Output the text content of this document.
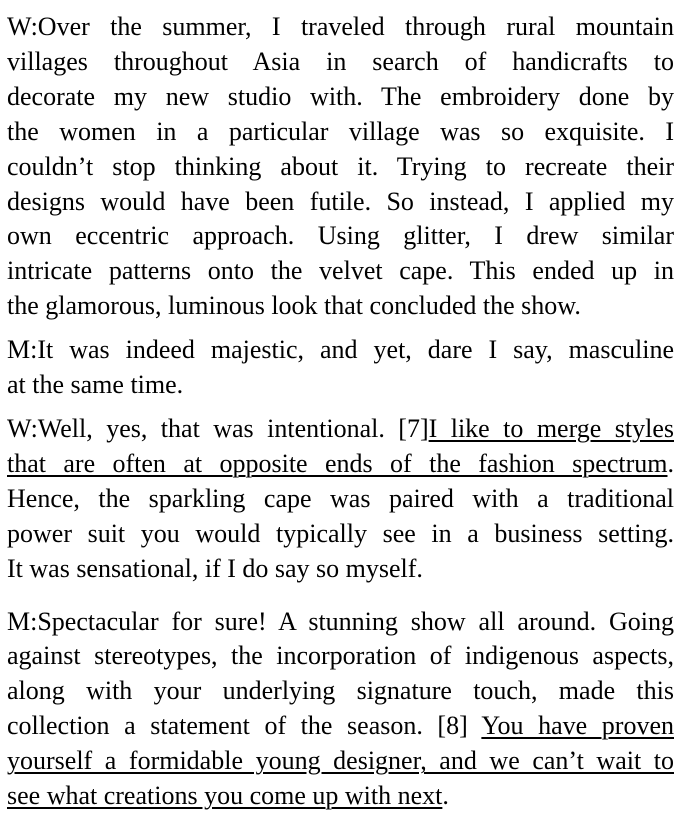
W:Over the summer, I traveled through rural mountain
villages throughout Asia in search of handicrafts to
decorate my new studio with. The embroidery done by
the women in a particular village was so exquisite. I
couldn’t stop thinking about it. Trying to recreate their
designs would have been futile. So instead, I applied my
own eccentric approach. Using glitter, I drew similar
intricate patterns onto the velvet cape. This ended up in
the glamorous, luminous look that concluded the show.

M:It was indeed majestic, and yet, dare I say, masculine
at the same time.

W:Well, yes, that was intentional. [7]I like to merge styles
that are often at opposite ends of the fashion spectrum.
Hence, the sparkling cape was paired with a traditional
power suit you would typically see in a business setting.
It was sensational, if I do say so myself.

M:Spectacular for sure! A stunning show all around. Going
against stereotypes, the incorporation of indigenous aspects,
along with your underlying signature touch, made this
collection a statement of the season. [8] You have proven
yourself a formidable young designer, and we can’t wait to
see what creations you come up with next.
